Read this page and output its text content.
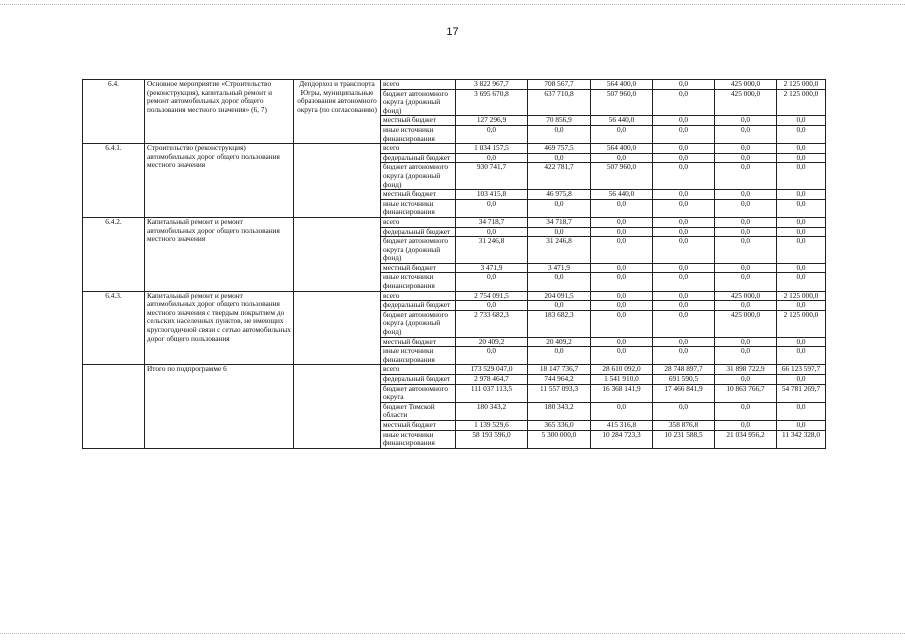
17
6.4.	Основное мероприятие «Строительство (реконструкция), капитальный ремонт и ремонт автомобильных дорог общего пользования местного значения» (6, 7)	Депдорхоз и транспорта Югры, муниципальные образования автономного округа (по согласованию)	всего	3 822 967,7	708 567,7	564 400,0	0,0	425 000,0	2 125 000,0
			бюджет автономного округа (дорожный фонд)	3 695 670,8	637 710,8	507 960,0	0,0	425 000,0	2 125 000,0
			местный бюджет	127 296,9	70 856,9	56 440,0	0,0	0,0	0,0
			иные источники финансирования	0,0	0,0	0,0	0,0	0,0	0,0
6.4.1.	Строительство (реконструкция) автомобильных дорог общего пользования местного значения		всего	1 034 157,5	469 757,5	564 400,0	0,0	0,0	0,0
			федеральный бюджет	0,0	0,0	0,0	0,0	0,0	0,0
			бюджет автономного округа (дорожный фонд)	930 741,7	422 781,7	507 960,0	0,0	0,0	0,0
			местный бюджет	103 415,8	46 975,8	56 440,0	0,0	0,0	0,0
			иные источники финансирования	0,0	0,0	0,0	0,0	0,0	0,0
6.4.2.	Капитальный ремонт и ремонт автомобильных дорог общего пользования местного значения		всего	34 718,7	34 718,7	0,0	0,0	0,0	0,0
			федеральный бюджет	0,0	0,0	0,0	0,0	0,0	0,0
			бюджет автономного округа (дорожный фонд)	31 246,8	31 246,8	0,0	0,0	0,0	0,0
			местный бюджет	3 471,9	3 471,9	0,0	0,0	0,0	0,0
			иные источники финансирования	0,0	0,0	0,0	0,0	0,0	0,0
6.4.3.	Капитальный ремонт и ремонт автомобильных дорог общего пользования местного значения с твердым покрытием до сельских населенных пунктов, не имеющих круглогодичной связи с сетью автомобильных дорог общего пользования		всего	2 754 091,5	204 091,5	0,0	0,0	425 000,0	2 125 000,0
			федеральный бюджет	0,0	0,0	0,0	0,0	0,0	0,0
			бюджет автономного округа (дорожный фонд)	2 733 682,3	183 682,3	0,0	0,0	425 000,0	2 125 000,0
			местный бюджет	20 409,2	20 409,2	0,0	0,0	0,0	0,0
			иные источники финансирования	0,0	0,0	0,0	0,0	0,0	0,0
	Итого по подпрограмме 6		всего	173 529 047,0	18 147 736,7	28 610 092,0	28 748 897,7	31 898 722,9	66 123 597,7
			федеральный бюджет	2 978 464,7	744 964,2	1 541 910,0	691 590,5	0,0	0,0
			бюджет автономного округа	111 037 113,5	11 557 093,3	16 368 141,9	17 466 841,9	10 863 766,7	54 781 269,7
			бюджет Томской области	180 343,2	180 343,2	0,0	0,0	0,0	0,0
			местный бюджет	1 139 529,6	365 336,0	415 316,8	358 876,8	0,0	0,0
			иные источники финансирования	58 193 596,0	5 300 000,0	10 284 723,3	10 231 588,5	21 034 956,2	11 342 328,0
